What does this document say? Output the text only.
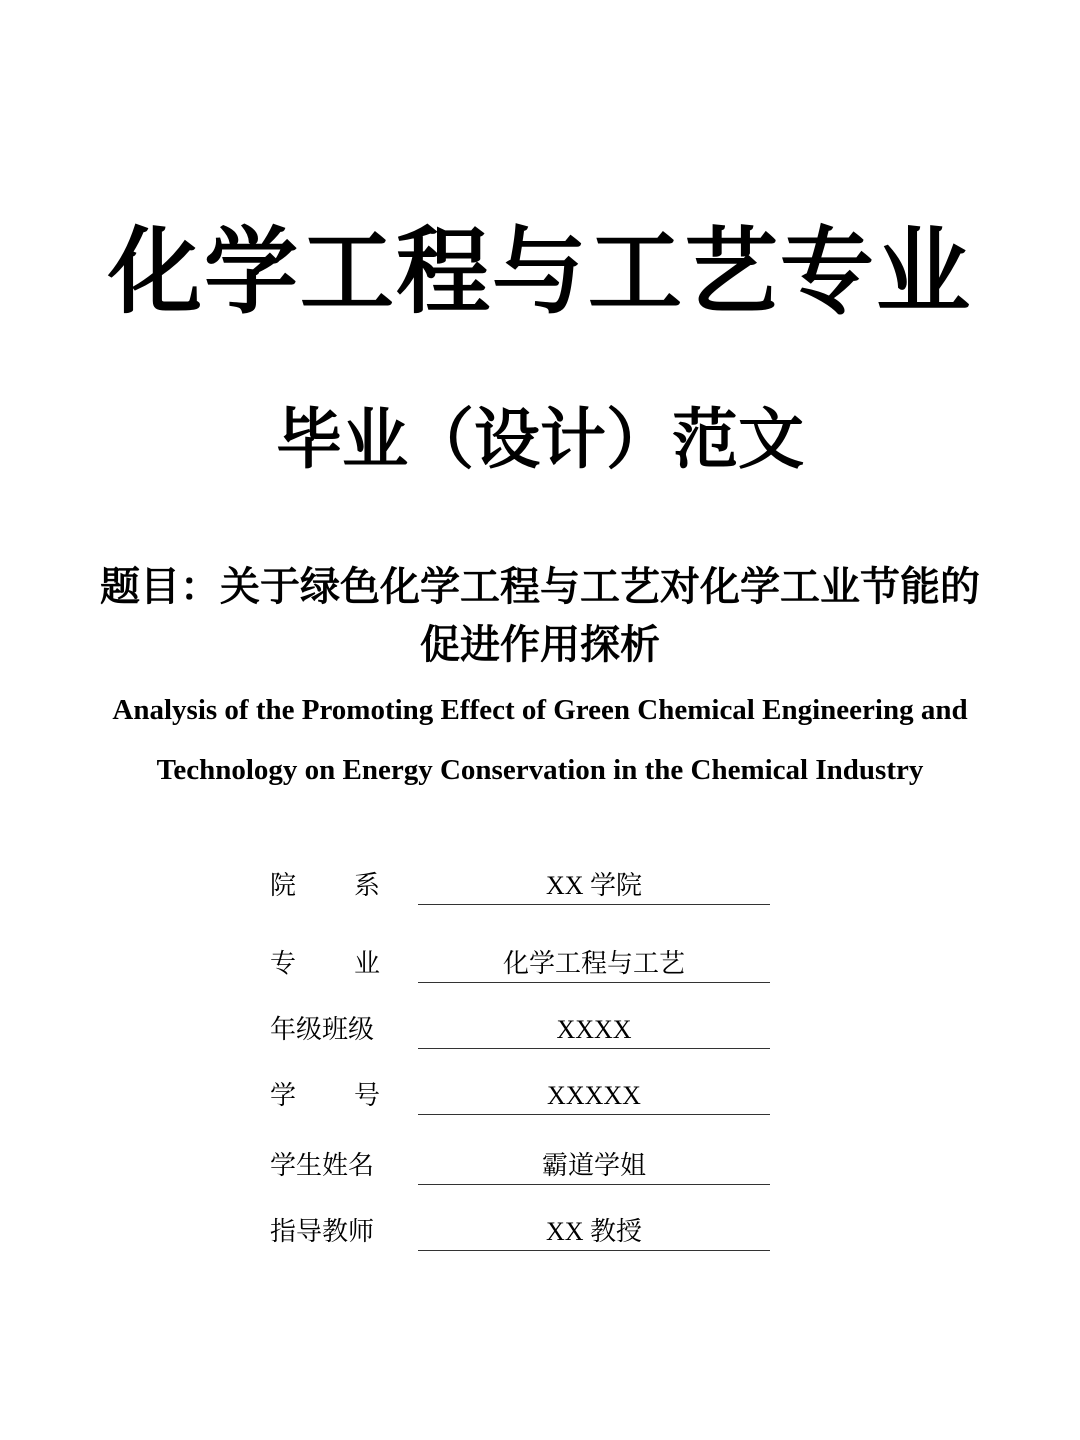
化学工程与工艺专业
毕业（设计）范文
题目：关于绿色化学工程与工艺对化学工业节能的
促进作用探析
Analysis of the Promoting Effect of Green Chemical Engineering and
Technology on Energy Conservation in the Chemical Industry
院 系	XX 学院
专 业	化学工程与工艺
年级班级	XXXX
学 号	XXXXX
学生姓名	霸道学姐
指导教师	XX 教授
